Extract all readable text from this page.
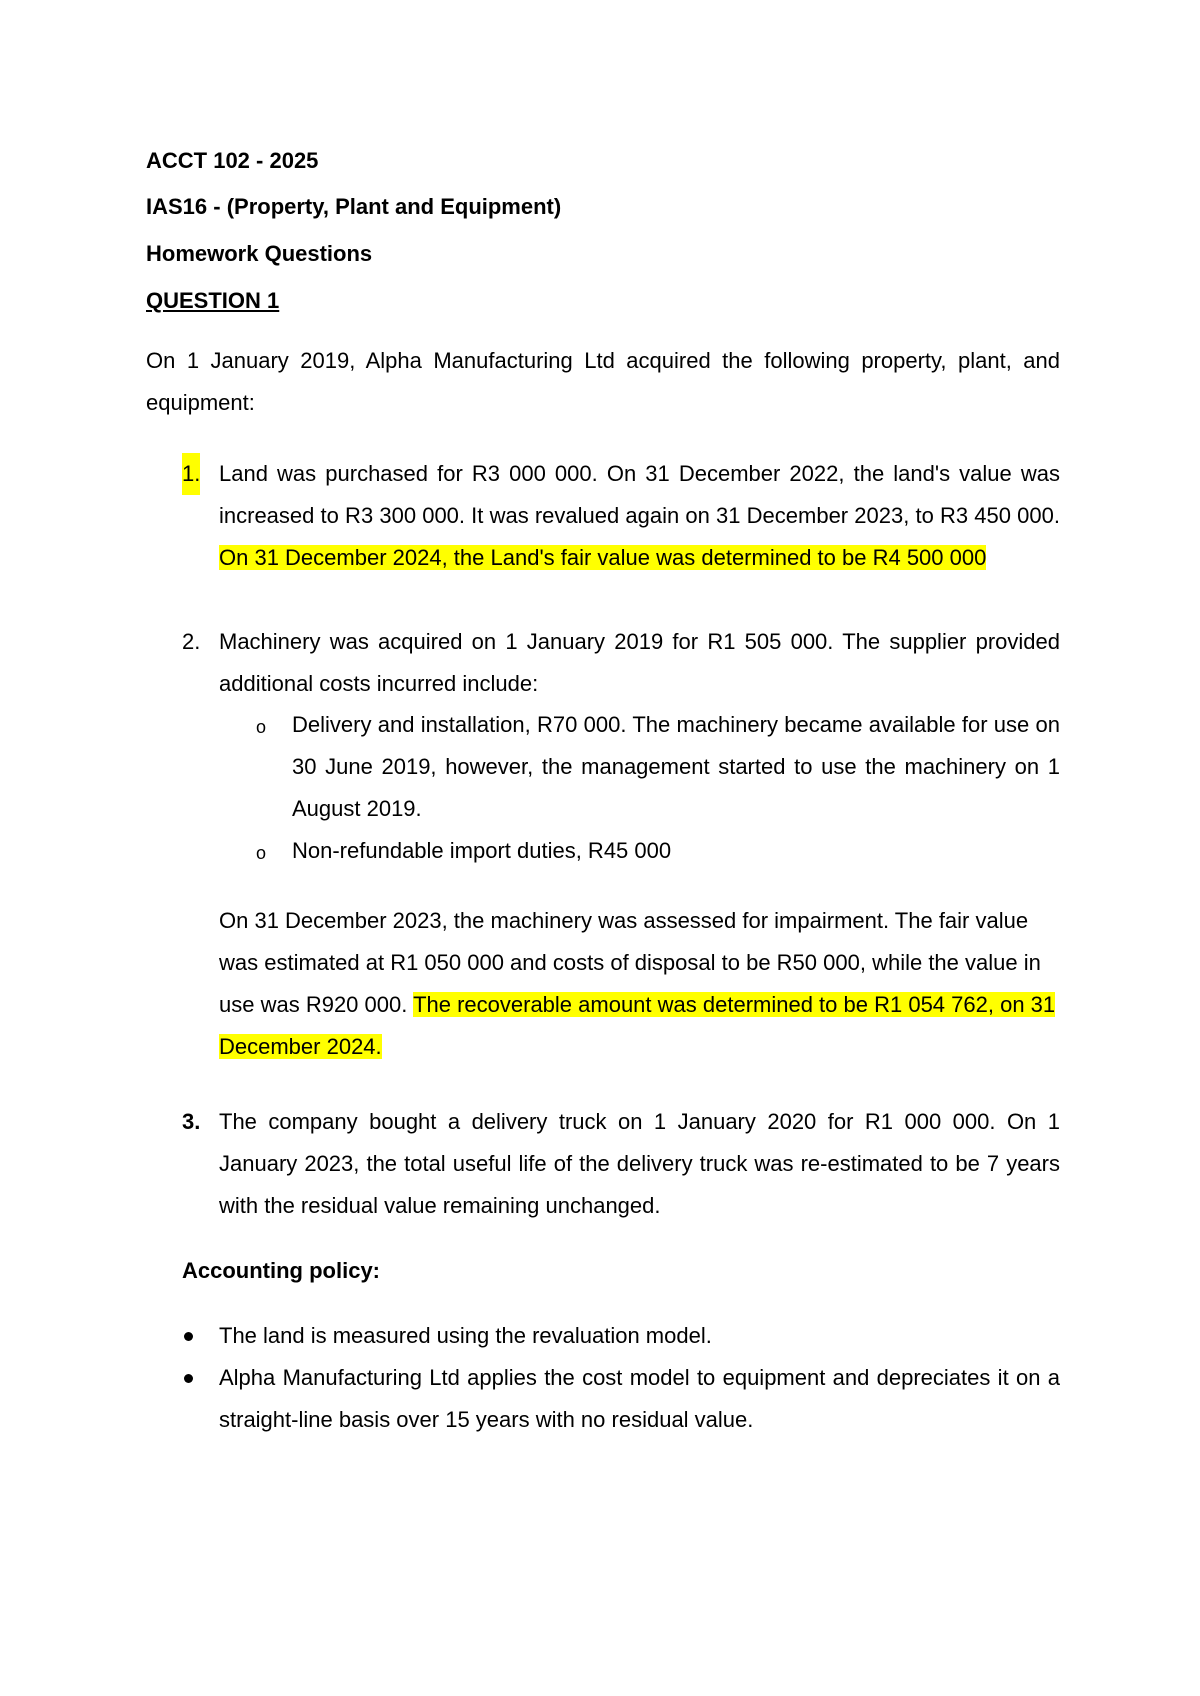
ACCT 102 - 2025

IAS16 - (Property, Plant and Equipment)

Homework Questions

QUESTION 1

On 1 January 2019, Alpha Manufacturing Ltd acquired the following property, plant, and equipment:

1. Land was purchased for R3 000 000. On 31 December 2022, the land's value was increased to R3 300 000. It was revalued again on 31 December 2023, to R3 450 000. On 31 December 2024, the Land's fair value was determined to be R4 500 000

2. Machinery was acquired on 1 January 2019 for R1 505 000. The supplier provided additional costs incurred include:

o Delivery and installation, R70 000. The machinery became available for use on 30 June 2019, however, the management started to use the machinery on 1 August 2019.

o Non-refundable import duties, R45 000

On 31 December 2023, the machinery was assessed for impairment. The fair value was estimated at R1 050 000 and costs of disposal to be R50 000, while the value in use was R920 000. The recoverable amount was determined to be R1 054 762, on 31 December 2024.

3. The company bought a delivery truck on 1 January 2020 for R1 000 000. On 1 January 2023, the total useful life of the delivery truck was re-estimated to be 7 years with the residual value remaining unchanged.

Accounting policy:

The land is measured using the revaluation model.

Alpha Manufacturing Ltd applies the cost model to equipment and depreciates it on a straight-line basis over 15 years with no residual value.
